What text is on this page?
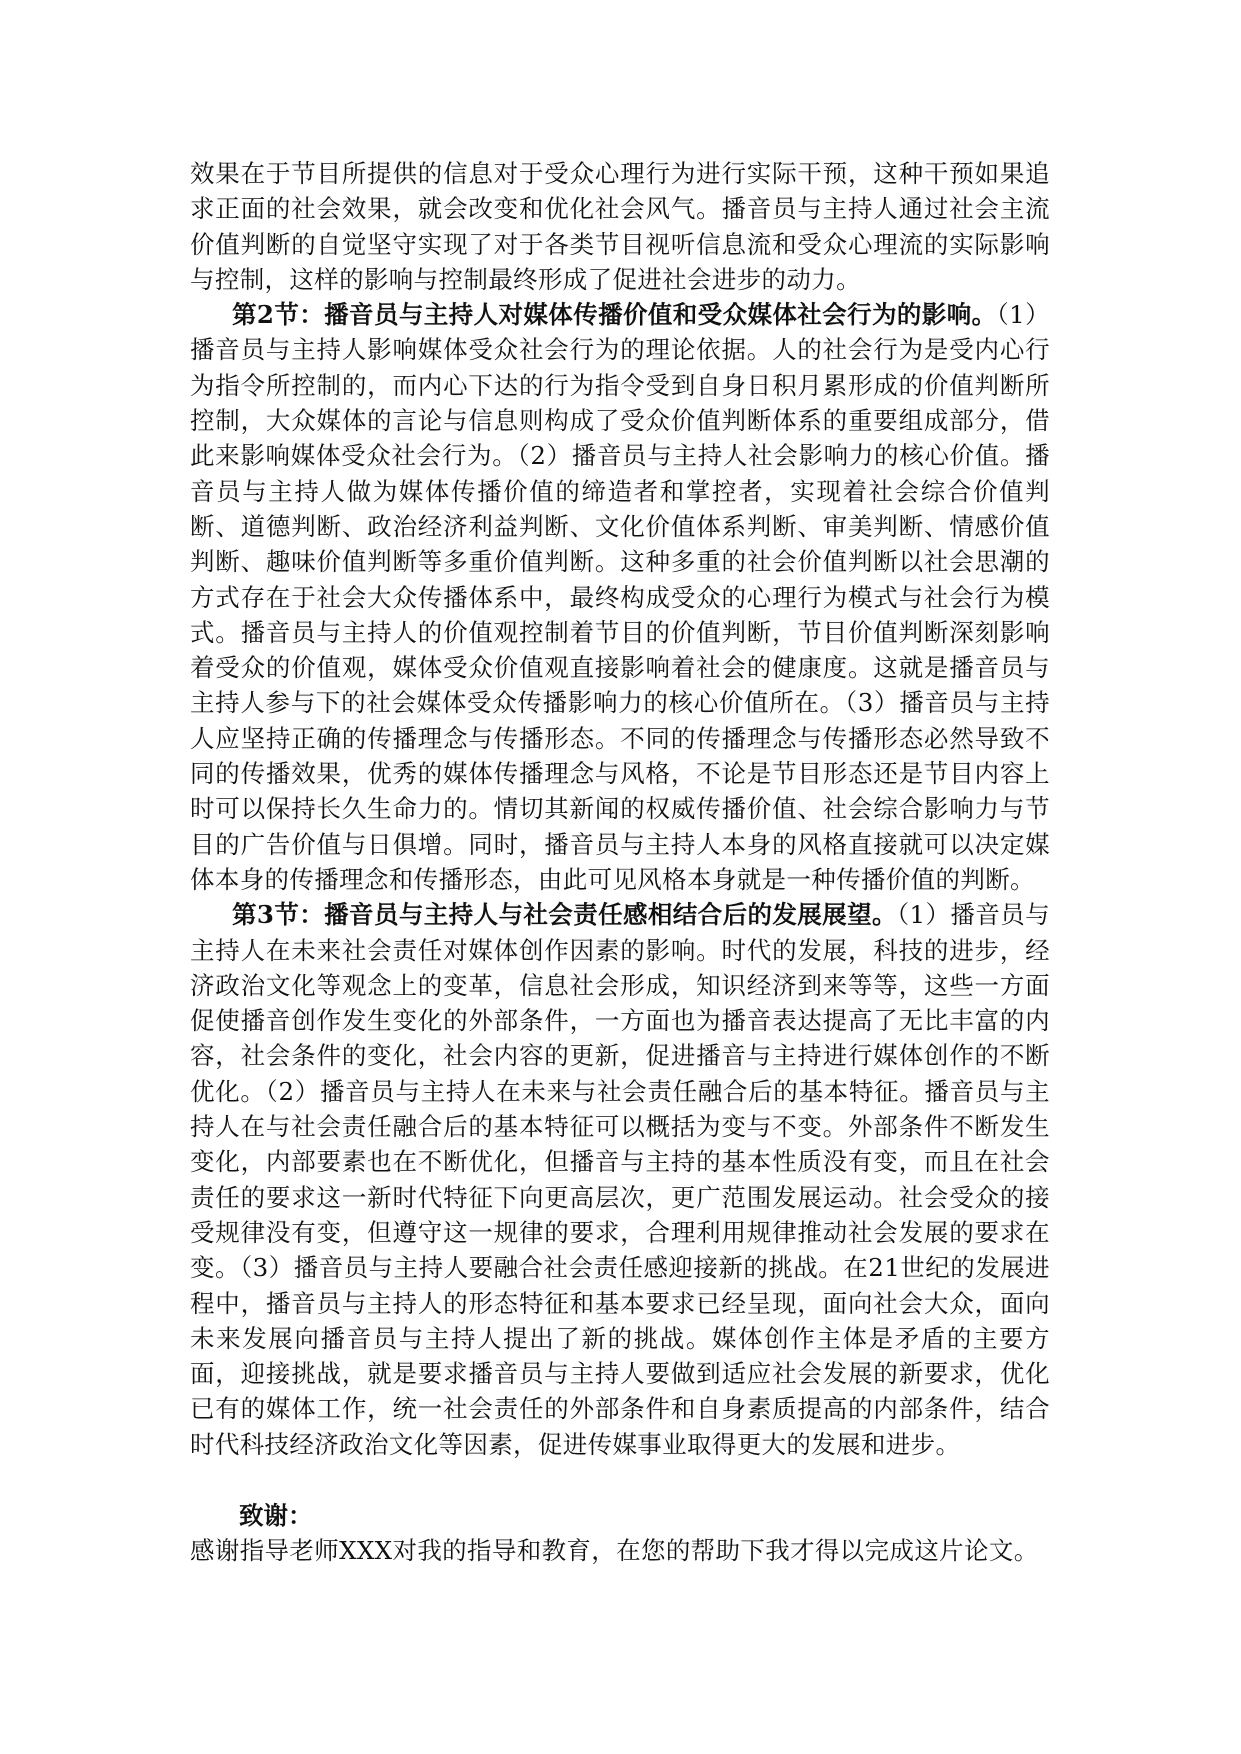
效果在于节目所提供的信息对于受众心理行为进行实际干预，这种干预如果追求正面的社会效果，就会改变和优化社会风气。播音员与主持人通过社会主流价值判断的自觉坚守实现了对于各类节目视听信息流和受众心理流的实际影响与控制，这样的影响与控制最终形成了促进社会进步的动力。

第2节：播音员与主持人对媒体传播价值和受众媒体社会行为的影响。（1）播音员与主持人影响媒体受众社会行为的理论依据。人的社会行为是受内心行为指令所控制的，而内心下达的行为指令受到自身日积月累形成的价值判断所控制，大众媒体的言论与信息则构成了受众价值判断体系的重要组成部分，借此来影响媒体受众社会行为。（2）播音员与主持人社会影响力的核心价值。播音员与主持人做为媒体传播价值的缔造者和掌控者，实现着社会综合价值判断、道德判断、政治经济利益判断、文化价值体系判断、审美判断、情感价值判断、趣味价值判断等多重价值判断。这种多重的社会价值判断以社会思潮的方式存在于社会大众传播体系中，最终构成受众的心理行为模式与社会行为模式。播音员与主持人的价值观控制着节目的价值判断，节目价值判断深刻影响着受众的价值观，媒体受众价值观直接影响着社会的健康度。这就是播音员与主持人参与下的社会媒体受众传播影响力的核心价值所在。（3）播音员与主持人应坚持正确的传播理念与传播形态。不同的传播理念与传播形态必然导致不同的传播效果，优秀的媒体传播理念与风格，不论是节目形态还是节目内容上时可以保持长久生命力的。情切其新闻的权威传播价值、社会综合影响力与节目的广告价值与日俱增。同时，播音员与主持人本身的风格直接就可以决定媒体本身的传播理念和传播形态，由此可见风格本身就是一种传播价值的判断。

第3节：播音员与主持人与社会责任感相结合后的发展展望。（1）播音员与主持人在未来社会责任对媒体创作因素的影响。时代的发展，科技的进步，经济政治文化等观念上的变革，信息社会形成，知识经济到来等等，这些一方面促使播音创作发生变化的外部条件，一方面也为播音表达提高了无比丰富的内容，社会条件的变化，社会内容的更新，促进播音与主持进行媒体创作的不断优化。（2）播音员与主持人在未来与社会责任融合后的基本特征。播音员与主持人在与社会责任融合后的基本特征可以概括为变与不变。外部条件不断发生变化，内部要素也在不断优化，但播音与主持的基本性质没有变，而且在社会责任的要求这一新时代特征下向更高层次，更广范围发展运动。社会受众的接受规律没有变，但遵守这一规律的要求，合理利用规律推动社会发展的要求在变。（3）播音员与主持人要融合社会责任感迎接新的挑战。在21世纪的发展进程中，播音员与主持人的形态特征和基本要求已经呈现，面向社会大众，面向未来发展向播音员与主持人提出了新的挑战。媒体创作主体是矛盾的主要方面，迎接挑战，就是要求播音员与主持人要做到适应社会发展的新要求，优化已有的媒体工作，统一社会责任的外部条件和自身素质提高的内部条件，结合时代科技经济政治文化等因素，促进传媒事业取得更大的发展和进步。

致谢：

感谢指导老师XXX对我的指导和教育，在您的帮助下我才得以完成这片论文。
